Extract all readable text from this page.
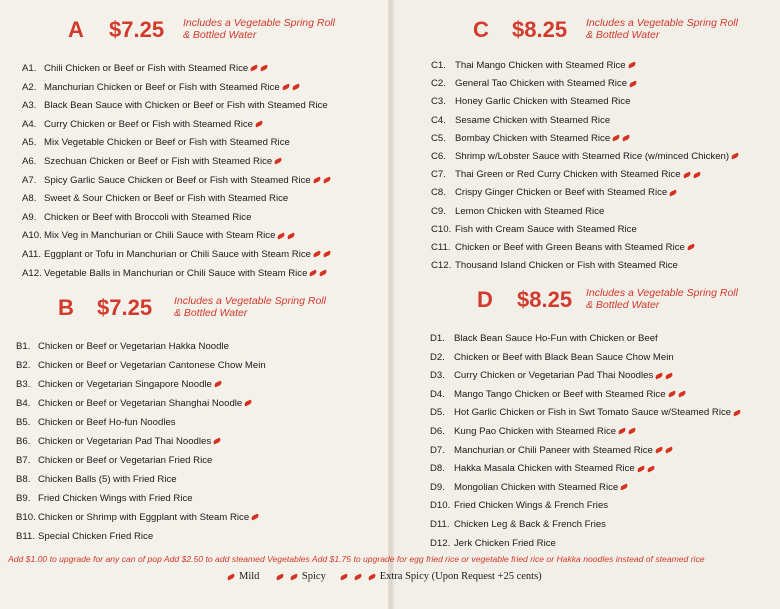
A $7.25 Includes a Vegetable Spring Roll
& Bottled Water
A1. Chili Chicken or Beef or Fish with Steamed Rice
A2. Manchurian Chicken or Beef or Fish with Steamed Rice
A3. Black Bean Sauce with Chicken or Beef or Fish with Steamed Rice
A4. Curry Chicken or Beef or Fish with Steamed Rice
A5. Mix Vegetable Chicken or Beef or Fish with Steamed Rice
A6. Szechuan Chicken or Beef or Fish with Steamed Rice
A7. Spicy Garlic Sauce Chicken or Beef or Fish with Steamed Rice
A8. Sweet & Sour Chicken or Beef or Fish with Steamed Rice
A9. Chicken or Beef with Broccoli with Steamed Rice
A10. Mix Veg in Manchurian or Chili Sauce with Steam Rice
A11. Eggplant or Tofu in Manchurian or Chili Sauce with Steam Rice
A12. Vegetable Balls in Manchurian or Chili Sauce with Steam Rice
B $7.25 Includes a Vegetable Spring Roll
& Bottled Water
B1. Chicken or Beef or Vegetarian Hakka Noodle
B2. Chicken or Beef or Vegetarian Cantonese Chow Mein
B3. Chicken or Vegetarian Singapore Noodle
B4. Chicken or Beef or Vegetarian Shanghai Noodle
B5. Chicken or Beef Ho-fun Noodles
B6. Chicken or Vegetarian Pad Thai Noodles
B7. Chicken or Beef or Vegetarian Fried Rice
B8. Chicken Balls (5) with Fried Rice
B9. Fried Chicken Wings with Fried Rice
B10. Chicken or Shrimp with Eggplant with Steam Rice
B11. Special Chicken Fried Rice
C $8.25 Includes a Vegetable Spring Roll
& Bottled Water
C1. Thai Mango Chicken with Steamed Rice
C2. General Tao Chicken with Steamed Rice
C3. Honey Garlic Chicken with Steamed Rice
C4. Sesame Chicken with Steamed Rice
C5. Bombay Chicken with Steamed Rice
C6. Shrimp w/Lobster Sauce with Steamed Rice (w/minced Chicken)
C7. Thai Green or Red Curry Chicken with Steamed Rice
C8. Crispy Ginger Chicken or Beef with Steamed Rice
C9. Lemon Chicken with Steamed Rice
C10. Fish with Cream Sauce with Steamed Rice
C11. Chicken or Beef with Green Beans with Steamed Rice
C12. Thousand Island Chicken or Fish with Steamed Rice
D $8.25 Includes a Vegetable Spring Roll
& Bottled Water
D1. Black Bean Sauce Ho-Fun with Chicken or Beef
D2. Chicken or Beef with Black Bean Sauce Chow Mein
D3. Curry Chicken or Vegetarian Pad Thai Noodles
D4. Mango Tango Chicken or Beef with Steamed Rice
D5. Hot Garlic Chicken or Fish in Swt Tomato Sauce w/Steamed Rice
D6. Kung Pao Chicken with Steamed Rice
D7. Manchurian or Chili Paneer with Steamed Rice
D8. Hakka Masala Chicken with Steamed Rice
D9. Mongolian Chicken with Steamed Rice
D10. Fried Chicken Wings & French Fries
D11. Chicken Leg & Back & French Fries
D12. Jerk Chicken Fried Rice
Add $1.00 to upgrade for any can of pop Add $2.50 to add steamed Vegetables Add $1.75 to upgrade for egg fried rice or vegetable fried rice or Hakka noodles instead of steamed rice
Mild	Spicy	Extra Spicy (Upon Request +25 cents)
